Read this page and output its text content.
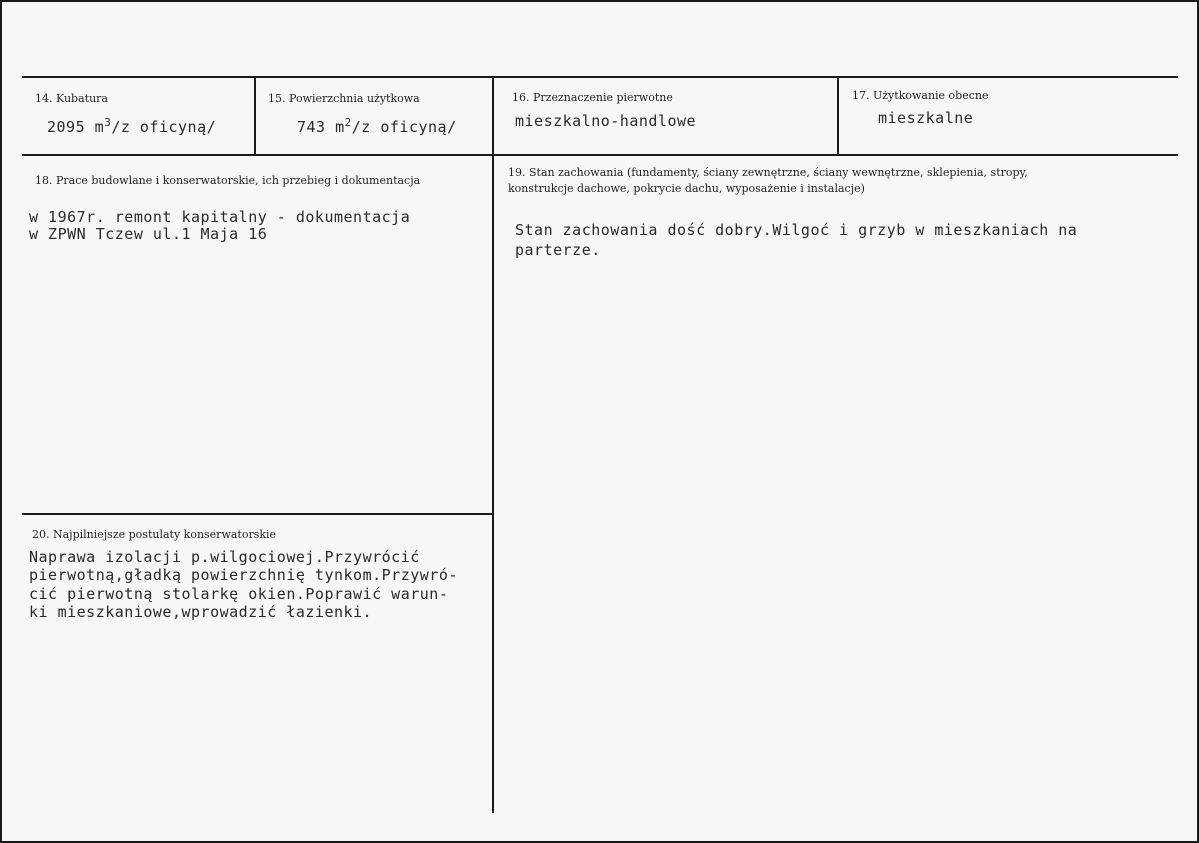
14. Kubatura
2095 $m^3/z$ oficyną/
15. Powierzchnia użytkowa
743 $m^2/z$ oficyną/
16. Przeznaczenie pierwotne
mieszkalno-handlowe
17. Użytkowanie obecne
mieszkalne
18. Prace budowlane i konserwatorskie, ich przebieg i dokumentacja
w 1967r. remont kapitalny - dokumentacja
w ZPWN Tczew ul.1 Maja 16
19. Stan zachowania (fundamenty, ściany zewnętrzne, ściany wewnętrzne, sklepienia, stropy,
konstrukcje dachowe, pokrycie dachu, wyposażenie i instalacje)
Stan zachowania dość dobry.Wilgoć i grzyb w mieszkaniach na
parterze.
20. Najpilniejsze postulaty konserwatorskie
Naprawa izolacji p.wilgociowej.Przywrócić
pierwotną,gładką powierzchnię tynkom.Przywró-
cić pierwotną stolarkę okien.Poprawić warun-
ki mieszkaniowe,wprowadzić łazienki.
